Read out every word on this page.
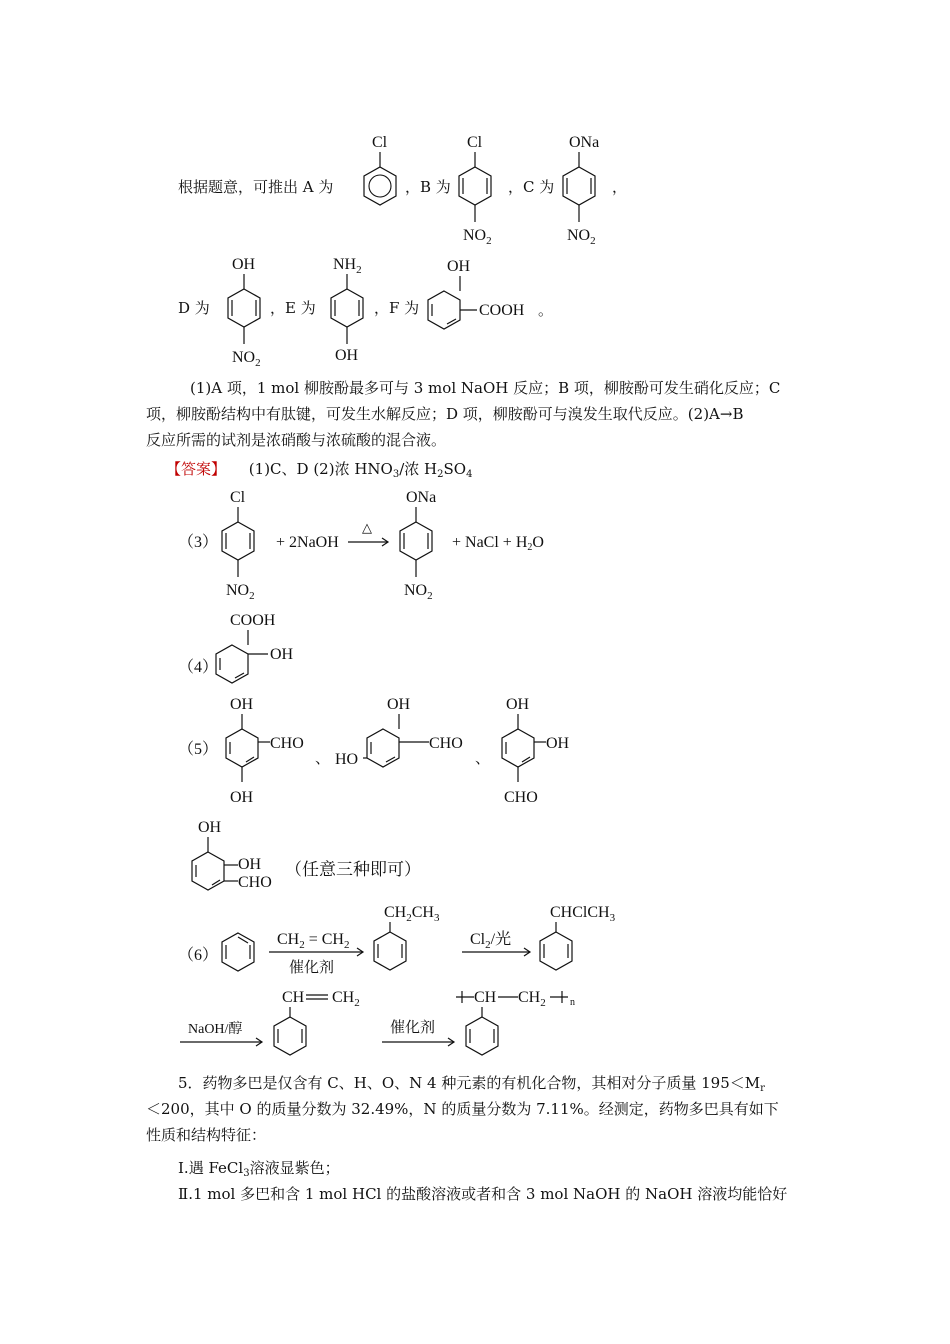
根据题意，可推出 A 为
Cl
，B 为
Cl
$NO_2$
，C 为
ONa
$NO_2$
，
D 为
OH
$NO_2$
，E 为
$NH_2$
OH
，F 为
OH
COOH 。
(1)A 项，1 mol 柳胺酚最多可与 3 mol NaOH 反应；B 项，柳胺酚可发生硝化反应；C
项，柳胺酚结构中有肽键，可发生水解反应；D 项，柳胺酚可与溴发生取代反应。(2)A→B
反应所需的试剂是浓硝酸与浓硫酸的混合液。
【答案】 (1)C、D (2)浓 $HNO_3/$浓 $H_2SO_4$
（3）
Cl
$NO_2$
+ 2NaOH
△
ONa
$NO_2$
+ NaCl + H2O
（4）
COOH
OH
（5）
OH
CHO
OH
、
OH
CHO
HO	、
OH
OH
CHO
OH
OH
CHO
（任意三种即可）
（6）
$CH_2 = CH_2$
催化剂
$CH_2CH_3$
$Cl_2/$光
CHClCH$_3$
NaOH/醇
CH $CH_2$
催化剂
CH $CH_2$ n
5．药物多巴是仅含有 C、H、O、N 4 种元素的有机化合物，其相对分子质量 $195<M_r$
＜200，其中 O 的质量分数为 32.49%，N 的质量分数为 7.11%。经测定，药物多巴具有如下
性质和结构特征：
Ⅰ.遇 FeCl$_3$溶液显紫色；
Ⅱ.1 mol 多巴和含 1 mol HCl 的盐酸溶液或者和含 3 mol NaOH 的 NaOH 溶液均能恰好
